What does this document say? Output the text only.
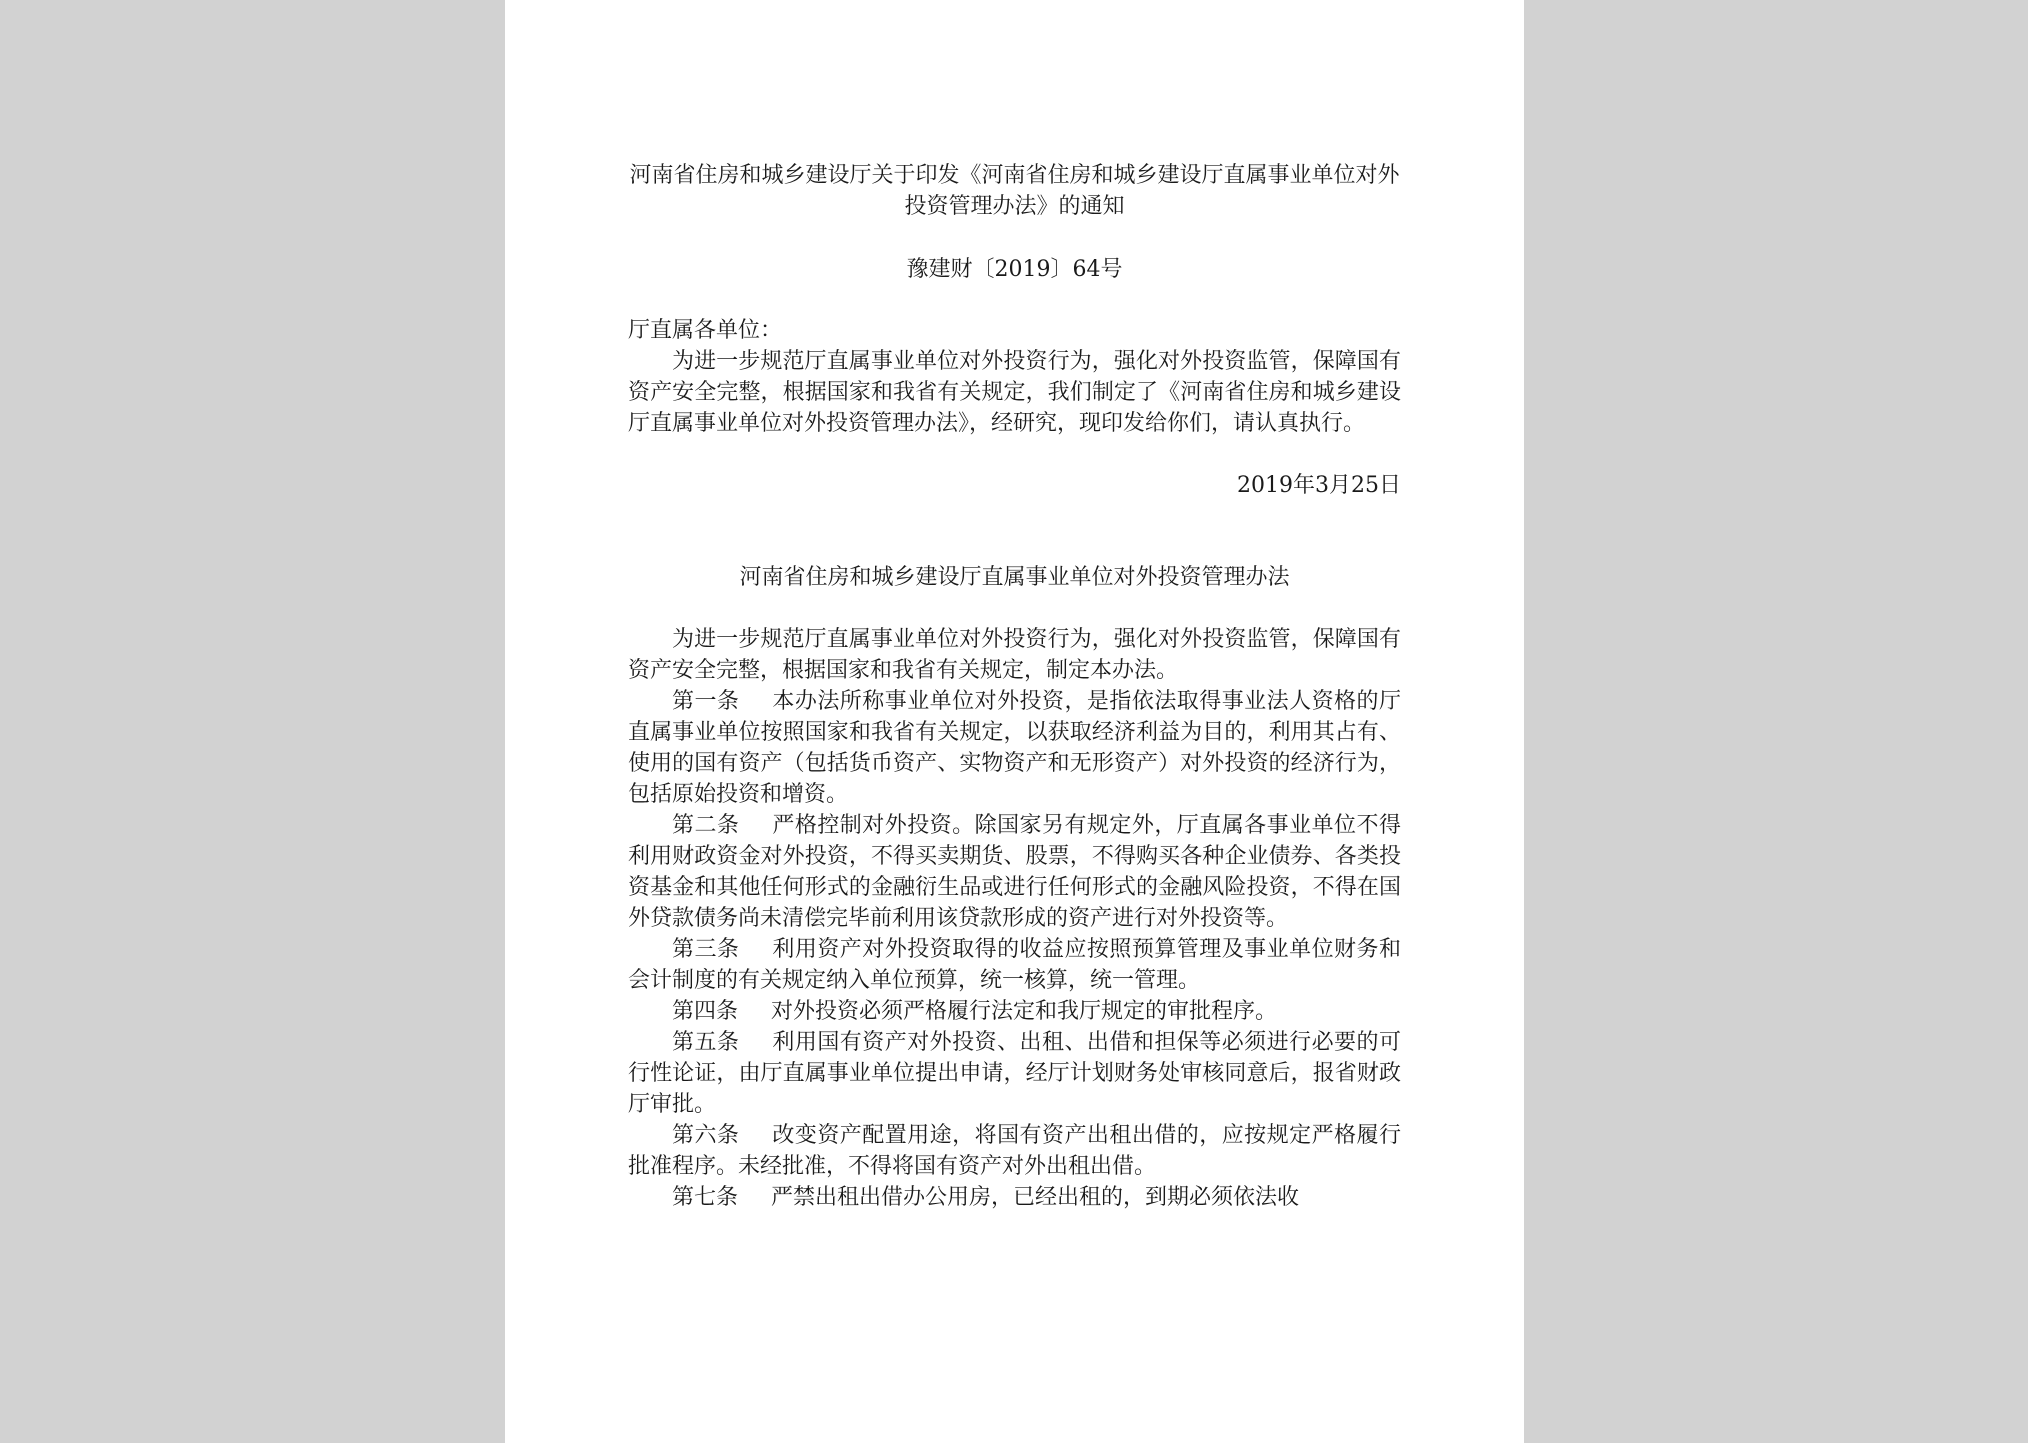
河南省住房和城乡建设厅关于印发《河南省住房和城乡建设厅直属事业单位对外投资管理办法》的通知
豫建财〔2019〕64号
厅直属各单位：

为进一步规范厅直属事业单位对外投资行为，强化对外投资监管，保障国有资产安全完整，根据国家和我省有关规定，我们制定了《河南省住房和城乡建设厅直属事业单位对外投资管理办法》，经研究，现印发给你们，请认真执行。

2019年3月25日
河南省住房和城乡建设厅直属事业单位对外投资管理办法

为进一步规范厅直属事业单位对外投资行为，强化对外投资监管，保障国有资产安全完整，根据国家和我省有关规定，制定本办法。

第一条 本办法所称事业单位对外投资，是指依法取得事业法人资格的厅直属事业单位按照国家和我省有关规定，以获取经济利益为目的，利用其占有、使用的国有资产（包括货币资产、实物资产和无形资产）对外投资的经济行为，包括原始投资和增资。

第二条 严格控制对外投资。除国家另有规定外，厅直属各事业单位不得利用财政资金对外投资，不得买卖期货、股票，不得购买各种企业债券、各类投资基金和其他任何形式的金融衍生品或进行任何形式的金融风险投资，不得在国外贷款债务尚未清偿完毕前利用该贷款形成的资产进行对外投资等。

第三条 利用资产对外投资取得的收益应按照预算管理及事业单位财务和会计制度的有关规定纳入单位预算，统一核算，统一管理。

第四条 对外投资必须严格履行法定和我厅规定的审批程序。

第五条 利用国有资产对外投资、出租、出借和担保等必须进行必要的可行性论证，由厅直属事业单位提出申请，经厅计划财务处审核同意后，报省财政厅审批。

第六条 改变资产配置用途，将国有资产出租出借的，应按规定严格履行批准程序。未经批准，不得将国有资产对外出租出借。

第七条 严禁出租出借办公用房，已经出租的，到期必须依法收
